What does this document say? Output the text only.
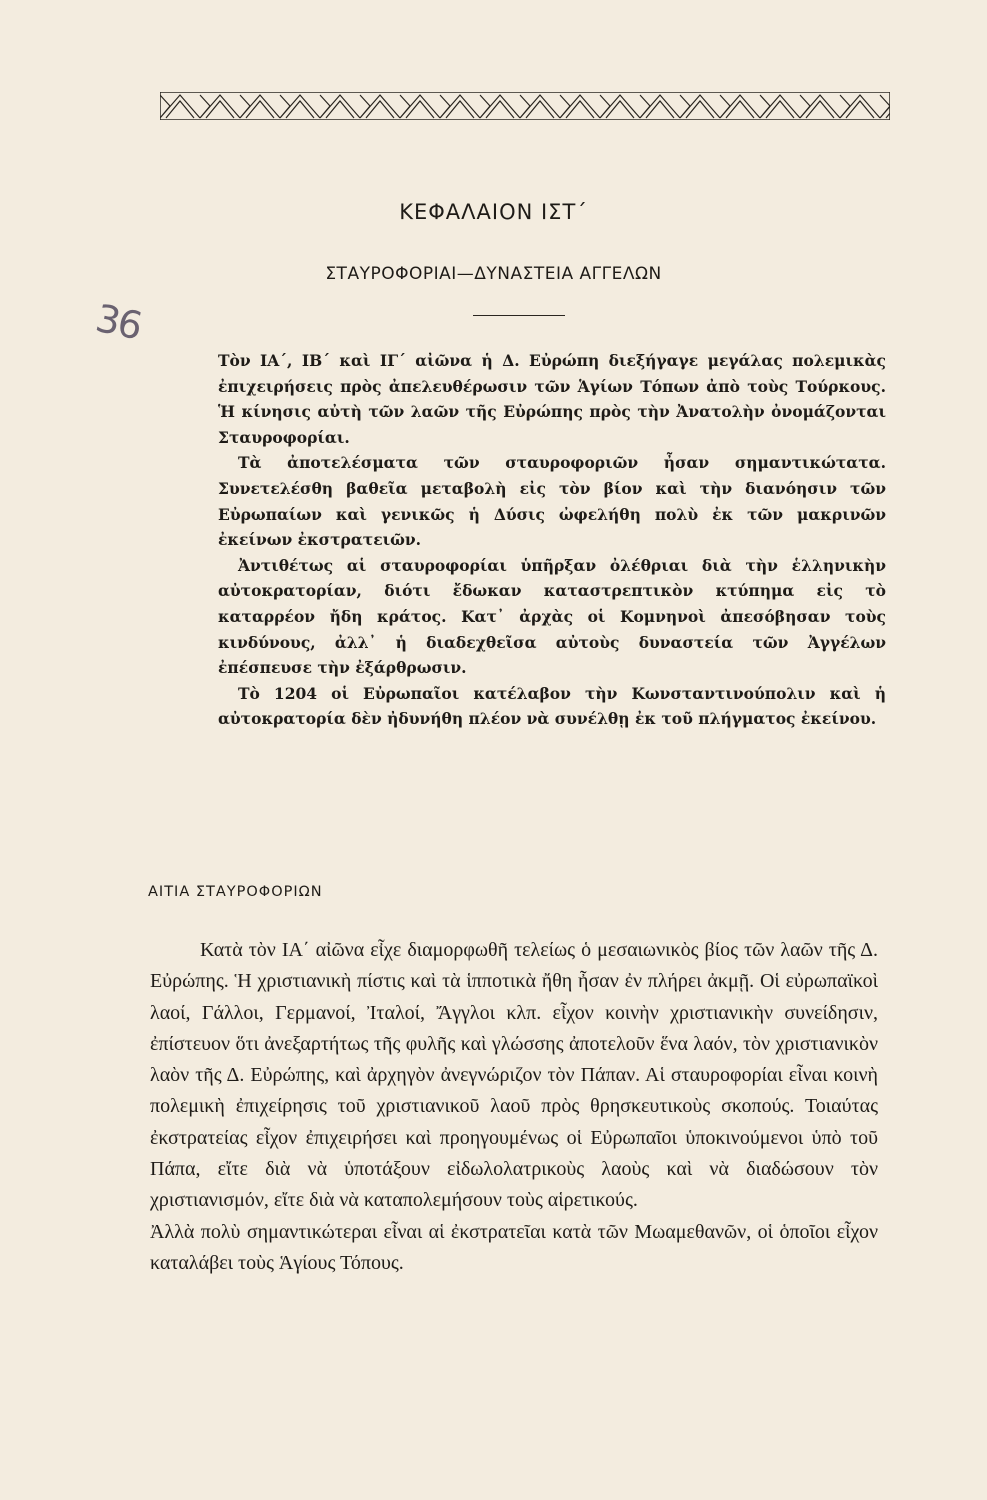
36
ΚΕΦΑΛΑΙΟΝ ΙΣΤ΄
ΣΤΑΥΡΟΦΟΡΙΑΙ—ΔΥΝΑΣΤΕΙΑ ΑΓΓΕΛΩΝ

Τὸν ΙΑ΄, ΙΒ΄ καὶ ΙΓ΄ αἰῶνα ἡ Δ. Εὐρώπη διεξήγαγε μεγάλας πολεμικὰς ἐπιχειρήσεις πρὸς ἀπελευθέρωσιν τῶν Ἁγίων Τόπων ἀπὸ τοὺς Τούρκους. Ἡ κίνησις αὐτὴ τῶν λαῶν τῆς Εὐρώπης πρὸς τὴν Ἀνατολὴν ὀνομάζονται Σταυροφορίαι.

Τὰ ἀποτελέσματα τῶν σταυροφοριῶν ἦσαν σημαντικώτατα. Συνετελέσθη βαθεῖα μεταβολὴ εἰς τὸν βίον καὶ τὴν διανόησιν τῶν Εὐρωπαίων καὶ γενικῶς ἡ Δύσις ὠφελήθη πολὺ ἐκ τῶν μακρινῶν ἐκείνων ἐκστρατειῶν.

Ἀντιθέτως αἱ σταυροφορίαι ὑπῆρξαν ὀλέθριαι διὰ τὴν ἑλληνικὴν αὐτοκρατορίαν, διότι ἔδωκαν καταστρεπτικὸν κτύπημα εἰς τὸ καταρρέον ἤδη κράτος. Κατ᾽ ἀρχὰς οἱ Κομνηνοὶ ἀπεσόβησαν τοὺς κινδύνους, ἀλλ᾽ ἡ διαδεχθεῖσα αὐτοὺς δυναστεία τῶν Ἀγγέλων ἐπέσπευσε τὴν ἐξάρθρωσιν.

Τὸ 1204 οἱ Εὐρωπαῖοι κατέλαβον τὴν Κωνσταντινούπολιν καὶ ἡ αὐτοκρατορία δὲν ἠδυνήθη πλέον νὰ συνέλθῃ ἐκ τοῦ πλήγματος ἐκείνου.

ΑΙΤΙΑ ΣΤΑΥΡΟΦΟΡΙΩΝ

Κατὰ τὸν ΙΑ΄ αἰῶνα εἶχε διαμορφωθῆ τελείως ὁ μεσαιωνικὸς βίος τῶν λαῶν τῆς Δ. Εὐρώπης. Ἡ χριστιανικὴ πίστις καὶ τὰ ἱπποτικὰ ἤθη ἦσαν ἐν πλήρει ἀκμῇ. Οἱ εὐρωπαϊκοὶ λαοί, Γάλλοι, Γερμανοί, Ἰταλοί, Ἄγγλοι κλπ. εἶχον κοινὴν χριστιανικὴν συνείδησιν, ἐπίστευον ὅτι ἀνεξαρτήτως τῆς φυλῆς καὶ γλώσσης ἀποτελοῦν ἕνα λαόν, τὸν χριστιανικὸν λαὸν τῆς Δ. Εὐρώπης, καὶ ἀρχηγὸν ἀνεγνώριζον τὸν Πάπαν. Αἱ σταυροφορίαι εἶναι κοινὴ πολεμικὴ ἐπιχείρησις τοῦ χριστιανικοῦ λαοῦ πρὸς θρησκευτικοὺς σκοπούς. Τοιαύτας ἐκστρατείας εἶχον ἐπιχειρήσει καὶ προηγουμένως οἱ Εὐρωπαῖοι ὑποκινούμενοι ὑπὸ τοῦ Πάπα, εἴτε διὰ νὰ ὑποτάξουν εἰδωλολατρικοὺς λαοὺς καὶ νὰ διαδώσουν τὸν χριστιανισμόν, εἴτε διὰ νὰ καταπολεμήσουν τοὺς αἱρετικούς.

Ἀλλὰ πολὺ σημαντικώτεραι εἶναι αἱ ἐκστρατεῖαι κατὰ τῶν Μωαμεθανῶν, οἱ ὁποῖοι εἶχον καταλάβει τοὺς Ἁγίους Τόπους.
